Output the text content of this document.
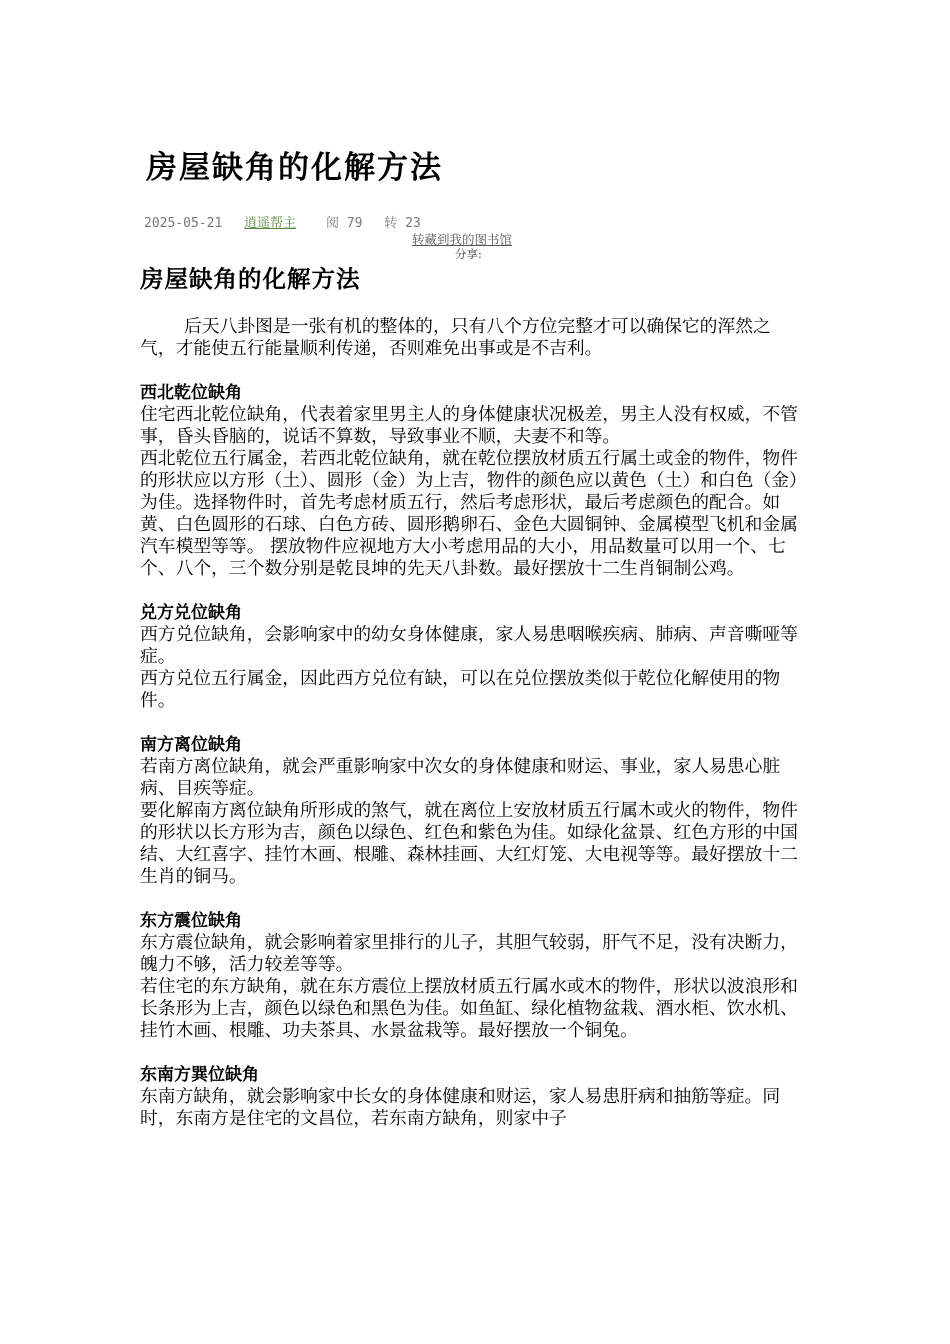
房屋缺角的化解方法
2025-05-21 逍遥帮主 阅 79 转 23
转藏到我的图书馆
分享:
房屋缺角的化解方法

后天八卦图是一张有机的整体的，只有八个方位完整才可以确保它的浑然之气，才能使五行能量顺利传递，否则难免出事或是不吉利。

西北乾位缺角

住宅西北乾位缺角，代表着家里男主人的身体健康状况极差，男主人没有权威，不管事，昏头昏脑的，说话不算数，导致事业不顺，夫妻不和等。

西北乾位五行属金，若西北乾位缺角，就在乾位摆放材质五行属土或金的物件，物件的形状应以方形（土）、圆形（金）为上吉，物件的颜色应以黄色（土）和白色（金）为佳。选择物件时，首先考虑材质五行，然后考虑形状，最后考虑颜色的配合。如黄、白色圆形的石球、白色方砖、圆形鹅卵石、金色大圆铜钟、金属模型飞机和金属汽车模型等等。 摆放物件应视地方大小考虑用品的大小，用品数量可以用一个、七个、八个，三个数分别是乾艮坤的先天八卦数。最好摆放十二生肖铜制公鸡。

兑方兑位缺角

西方兑位缺角，会影响家中的幼女身体健康，家人易患咽喉疾病、肺病、声音嘶哑等症。

西方兑位五行属金，因此西方兑位有缺，可以在兑位摆放类似于乾位化解使用的物件。

南方离位缺角

若南方离位缺角，就会严重影响家中次女的身体健康和财运、事业，家人易患心脏病、目疾等症。

要化解南方离位缺角所形成的煞气，就在离位上安放材质五行属木或火的物件，物件的形状以长方形为吉，颜色以绿色、红色和紫色为佳。如绿化盆景、红色方形的中国结、大红喜字、挂竹木画、根雕、森林挂画、大红灯笼、大电视等等。最好摆放十二生肖的铜马。

东方震位缺角

东方震位缺角，就会影响着家里排行的儿子，其胆气较弱，肝气不足，没有决断力，魄力不够，活力较差等等。

若住宅的东方缺角，就在东方震位上摆放材质五行属水或木的物件，形状以波浪形和长条形为上吉，颜色以绿色和黑色为佳。如鱼缸、绿化植物盆栽、酒水柜、饮水机、挂竹木画、根雕、功夫茶具、水景盆栽等。最好摆放一个铜兔。

东南方巽位缺角

东南方缺角，就会影响家中长女的身体健康和财运，家人易患肝病和抽筋等症。同时，东南方是住宅的文昌位，若东南方缺角，则家中子
